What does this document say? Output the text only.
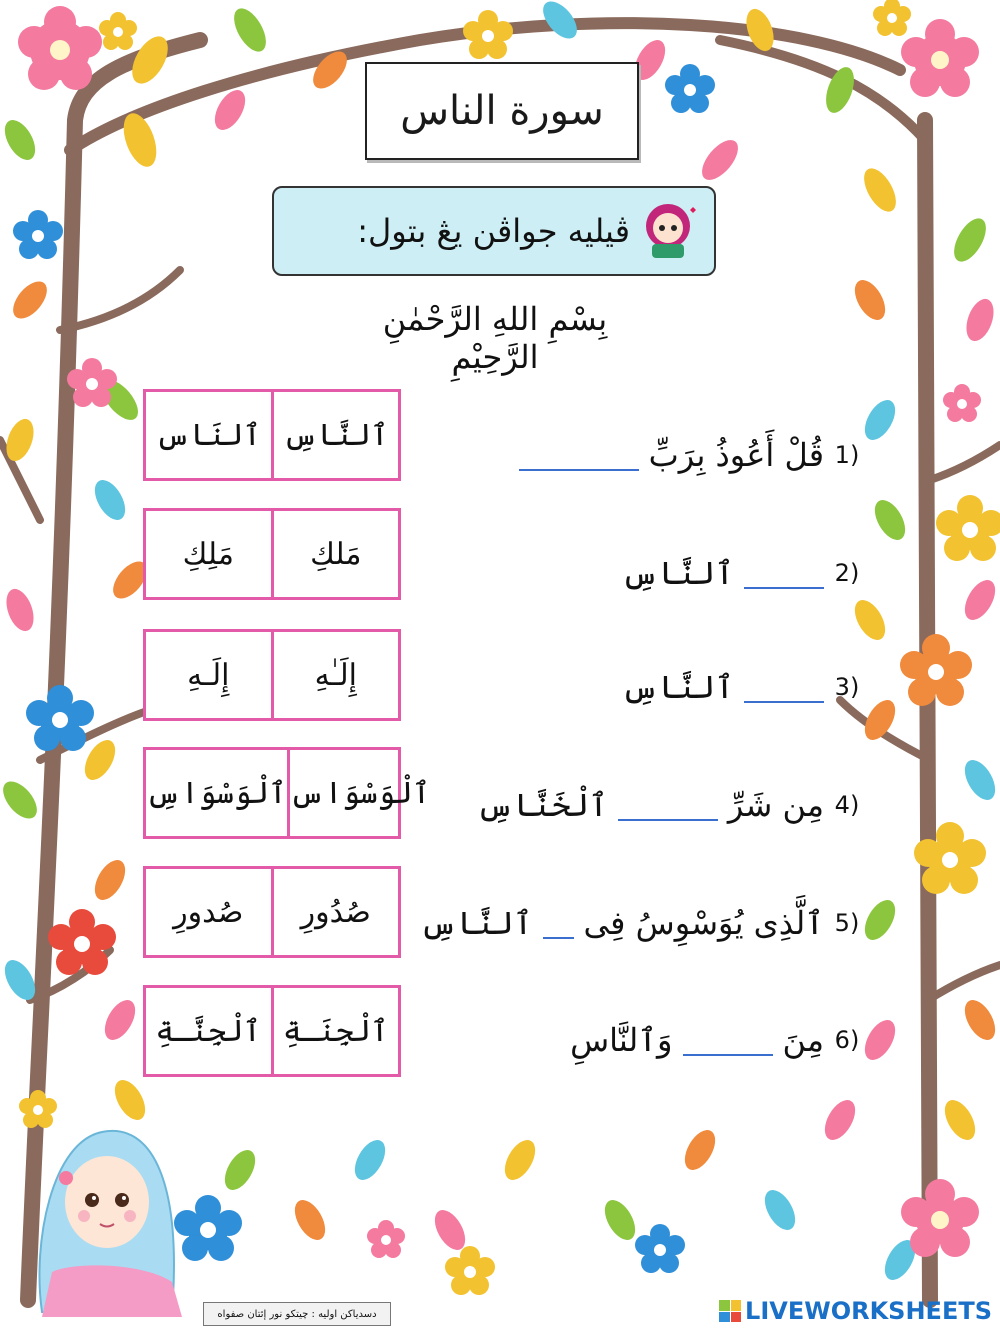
سورة الناس
ڤيليه جواڤن يڠ بتول:
بِسْمِ اللهِ الرَّحْمٰنِ الرَّحِيْمِ
ٱلنَاس ٱلنَّاسِ
مَلِكِ	مَلكِ
إِلَـهِ	إِلَـٰهِ
ٱلْوَسْوَاسِ ٱلْوَسْوَاس
صُدورِ	صُدُورِ
ٱلْجِنَّـةِ ٱلْجِنَـةِ
1)
قُلْ أَعُوذُ بِرَبِّ
2)
ٱلنَّاسِ
3)
ٱلنَّاسِ
4)
مِن شَرِّ
ٱلْخَنَّاسِ
5)
ٱلَّذِى يُوَسْوِسُ فِى
ٱلنَّاسِ
6)
مِنَ
وَٱلنَّاسِ
دسدياكن اوليه : چيتكو نور إئتان صفواه	LIVEWORKSHEETS
